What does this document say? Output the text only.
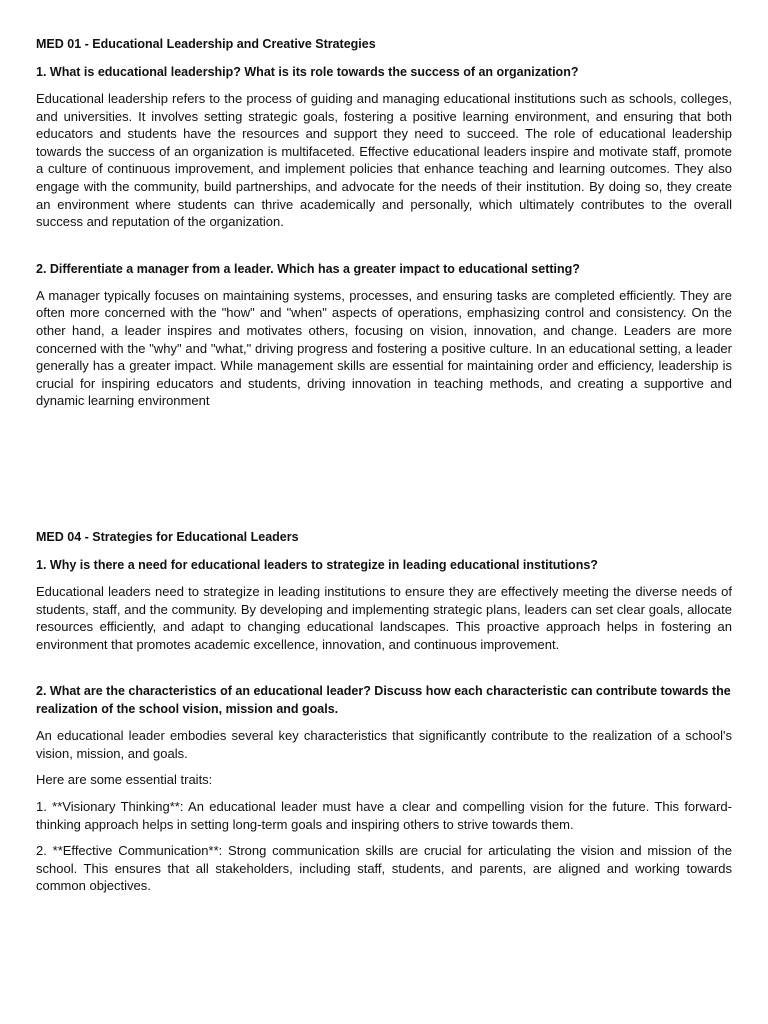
MED 01 - Educational Leadership and Creative Strategies
1. What is educational leadership? What is its role towards the success of an organization?
Educational leadership refers to the process of guiding and managing educational institutions such as schools, colleges, and universities. It involves setting strategic goals, fostering a positive learning environment, and ensuring that both educators and students have the resources and support they need to succeed. The role of educational leadership towards the success of an organization is multifaceted. Effective educational leaders inspire and motivate staff, promote a culture of continuous improvement, and implement policies that enhance teaching and learning outcomes. They also engage with the community, build partnerships, and advocate for the needs of their institution. By doing so, they create an environment where students can thrive academically and personally, which ultimately contributes to the overall success and reputation of the organization.
2. Differentiate a manager from a leader. Which has a greater impact to educational setting?
A manager typically focuses on maintaining systems, processes, and ensuring tasks are completed efficiently. They are often more concerned with the "how" and "when" aspects of operations, emphasizing control and consistency. On the other hand, a leader inspires and motivates others, focusing on vision, innovation, and change. Leaders are more concerned with the "why" and "what," driving progress and fostering a positive culture. In an educational setting, a leader generally has a greater impact. While management skills are essential for maintaining order and efficiency, leadership is crucial for inspiring educators and students, driving innovation in teaching methods, and creating a supportive and dynamic learning environment
MED 04 - Strategies for Educational Leaders
1. Why is there a need for educational leaders to strategize in leading educational institutions?
Educational leaders need to strategize in leading institutions to ensure they are effectively meeting the diverse needs of students, staff, and the community. By developing and implementing strategic plans, leaders can set clear goals, allocate resources efficiently, and adapt to changing educational landscapes. This proactive approach helps in fostering an environment that promotes academic excellence, innovation, and continuous improvement.
2. What are the characteristics of an educational leader? Discuss how each characteristic can contribute towards the realization of the school vision, mission and goals.
An educational leader embodies several key characteristics that significantly contribute to the realization of a school's vision, mission, and goals.
Here are some essential traits:
1. **Visionary Thinking**: An educational leader must have a clear and compelling vision for the future. This forward-thinking approach helps in setting long-term goals and inspiring others to strive towards them.
2. **Effective Communication**: Strong communication skills are crucial for articulating the vision and mission of the school. This ensures that all stakeholders, including staff, students, and parents, are aligned and working towards common objectives.
